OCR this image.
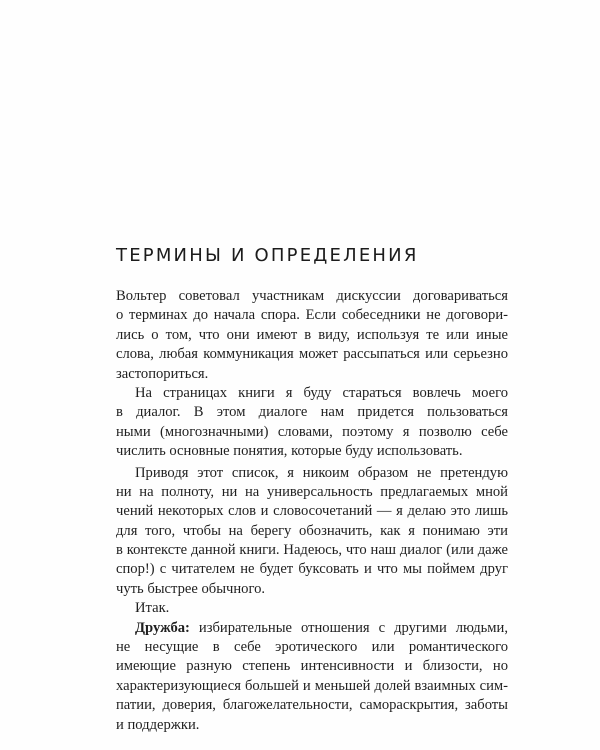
ТЕРМИНЫ И ОПРЕДЕЛЕНИЯ
Вольтер советовал участникам дискуссии договариваться
о терминах до начала спора. Если собеседники не договори-
лись о том, что они имеют в виду, используя те или иные
слова, любая коммуникация может рассыпаться или серьезно
застопориться.
На страницах книги я буду стараться вовлечь моего
в диалог. В этом диалоге нам придется пользоваться
ными (многозначными) словами, поэтому я позволю себе
числить основные понятия, которые буду использовать.
Приводя этот список, я никоим образом не претендую
ни на полноту, ни на универсальность предлагаемых мной
чений некоторых слов и словосочетаний — я делаю это лишь
для того, чтобы на берегу обозначить, как я понимаю эти
в контексте данной книги. Надеюсь, что наш диалог (или даже
спор!) с читателем не будет буксовать и что мы поймем друг
чуть быстрее обычного.
Итак.
Дружба: избирательные отношения с другими людьми,
не несущие в себе эротического или романтического
имеющие разную степень интенсивности и близости, но
характеризующиеся большей и меньшей долей взаимных сим-
патии, доверия, благожелательности, самораскрытия, заботы
и поддержки.
